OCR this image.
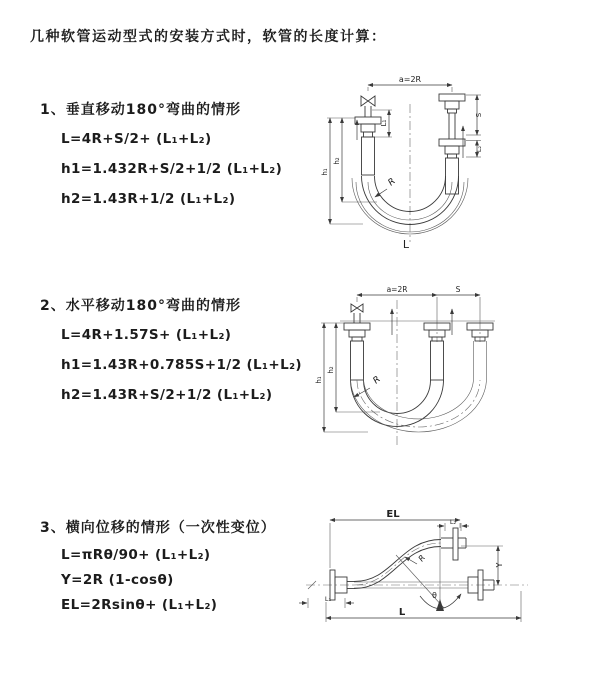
几种软管运动型式的安装方式时，软管的长度计算：
1、垂直移动180°弯曲的情形
L=4R+S/2+ (L₁+L₂)
h1=1.432R+S/2+1/2 (L₁+L₂)
h2=1.43R+1/2 (L₁+L₂)
a=2R
L₁
S
L₂
h₁
h₂
R
L
2、水平移动180°弯曲的情形
L=4R+1.57S+ (L₁+L₂)
h1=1.43R+0.785S+1/2 (L₁+L₂)
h2=1.43R+S/2+1/2 (L₁+L₂)
a=2R	S
h₁
h₂
R
3、横向位移的情形（一次性变位）
L=πRθ/90+ (L₁+L₂)
Y=2R (1-cosθ)
EL=2Rsinθ+ (L₁+L₂)
EL
L₂
θ
R
Y
L₁
L
